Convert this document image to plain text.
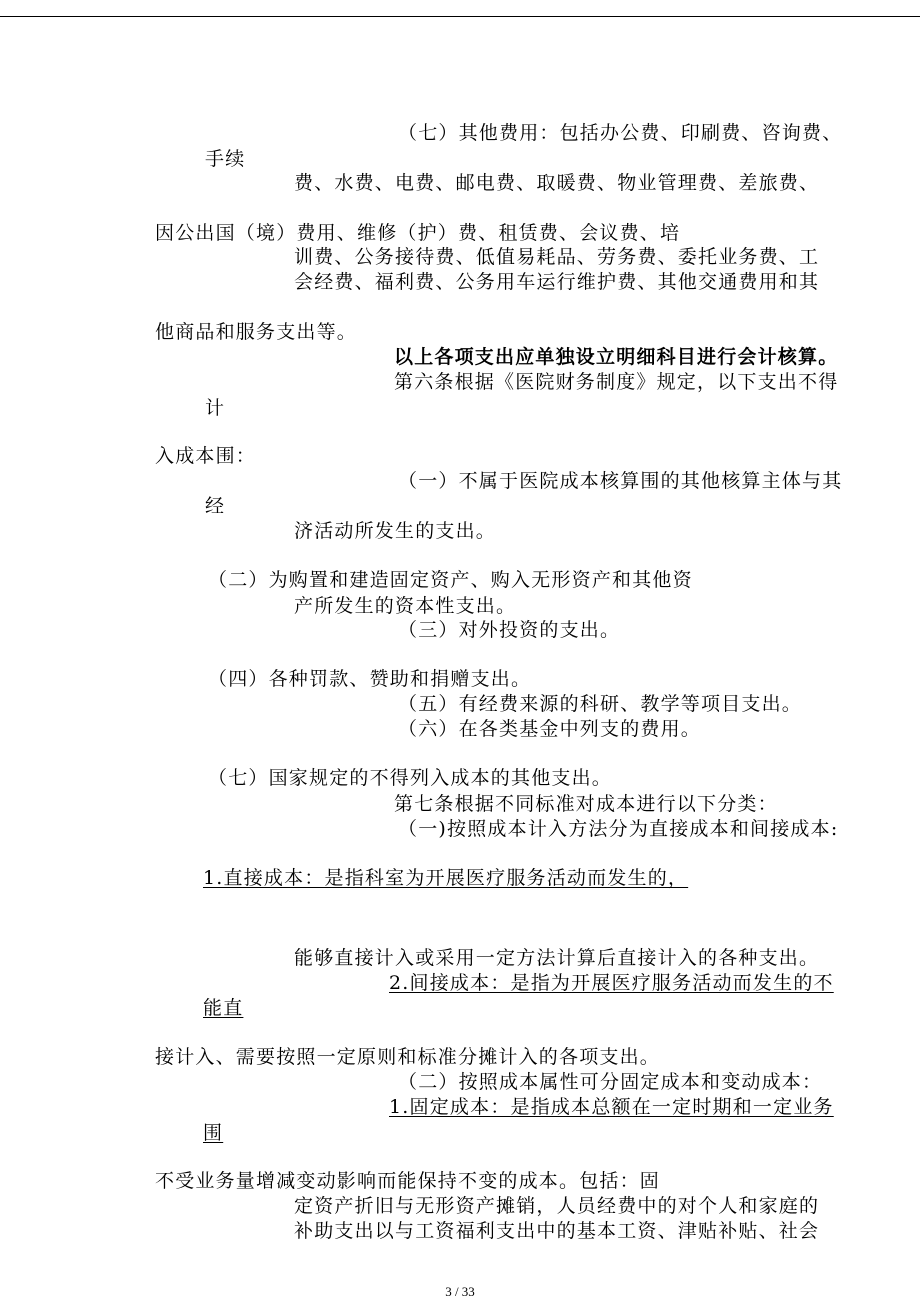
（七）其他费用：包括办公费、印刷费、咨询费、
手续
费、水费、电费、邮电费、取暖费、物业管理费、差旅费、
因公出国（境）费用、维修（护）费、租赁费、会议费、培
训费、公务接待费、低值易耗品、劳务费、委托业务费、工
会经费、福利费、公务用车运行维护费、其他交通费用和其
他商品和服务支出等。
以上各项支出应单独设立明细科目进行会计核算。
第六条根据《医院财务制度》规定，以下支出不得
计
入成本围：
（一）不属于医院成本核算围的其他核算主体与其
经
济活动所发生的支出。
（二）为购置和建造固定资产、购入无形资产和其他资
产所发生的资本性支出。
（三）对外投资的支出。
（四）各种罚款、赞助和捐赠支出。
（五）有经费来源的科研、教学等项目支出。
（六）在各类基金中列支的费用。
（七）国家规定的不得列入成本的其他支出。
第七条根据不同标准对成本进行以下分类：
（一)按照成本计入方法分为直接成本和间接成本:
1.直接成本：是指科室为开展医疗服务活动而发生的，
能够直接计入或采用一定方法计算后直接计入的各种支出。
2.间接成本：是指为开展医疗服务活动而发生的不
能直
接计入、需要按照一定原则和标准分摊计入的各项支出。
（二）按照成本属性可分固定成本和变动成本：
1.固定成本：是指成本总额在一定时期和一定业务
围
不受业务量增减变动影响而能保持不变的成本。包括：固
定资产折旧与无形资产摊销，人员经费中的对个人和家庭的
补助支出以与工资福利支出中的基本工资、津贴补贴、社会
3 / 33
